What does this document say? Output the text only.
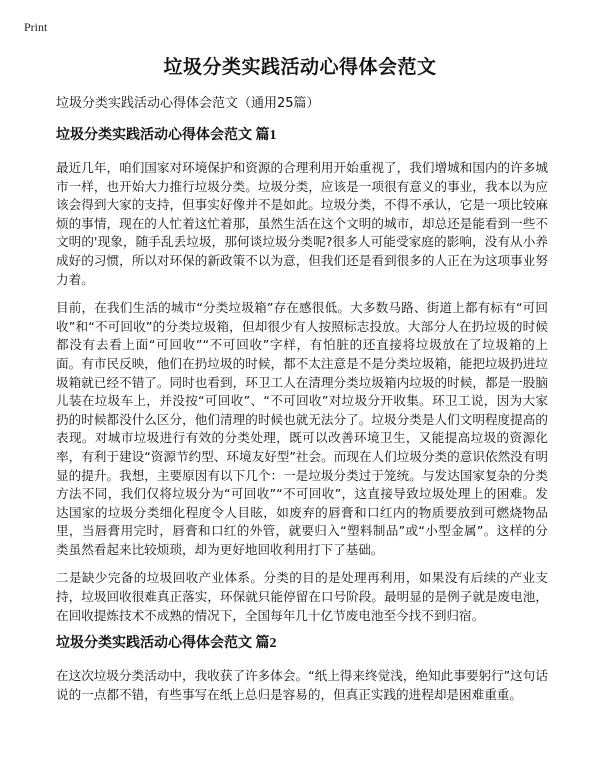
Print
垃圾分类实践活动心得体会范文

垃圾分类实践活动心得体会范文（通用25篇）

垃圾分类实践活动心得体会范文 篇1

最近几年，咱们国家对环境保护和资源的合理利用开始重视了，我们增城和国内的许多城市一样，也开始大力推行垃圾分类。垃圾分类，应该是一项很有意义的事业，我本以为应该会得到大家的支持，但事实好像并不是如此。垃圾分类，不得不承认，它是一项比较麻烦的事情，现在的人忙着这忙着那，虽然生活在这个文明的城市，却总还是能看到一些不文明的'现象，随手乱丢垃圾，那何谈垃圾分类呢?很多人可能受家庭的影响，没有从小养成好的习惯，所以对环保的新政策不以为意，但我们还是看到很多的人正在为这项事业努力着。

目前，在我们生活的城市“分类垃圾箱”存在感很低。大多数马路、街道上都有标有“可回收”和“不可回收”的分类垃圾箱，但却很少有人按照标志投放。大部分人在扔垃圾的时候都没有去看上面“可回收”“不可回收”字样，有怕脏的还直接将垃圾放在了垃圾箱的上面。有市民反映，他们在扔垃圾的时候，都不太注意是不是分类垃圾箱，能把垃圾扔进垃圾箱就已经不错了。同时也看到，环卫工人在清理分类垃圾箱内垃圾的时候，都是一股脑儿装在垃圾车上，并没按“可回收”、“不可回收”对垃圾分开收集。环卫工说，因为大家扔的时候都没什么区分，他们清理的时候也就无法分了。垃圾分类是人们文明程度提高的表现。对城市垃圾进行有效的分类处理，既可以改善环境卫生，又能提高垃圾的资源化率，有利于建设“资源节约型、环境友好型”社会。而现在人们垃圾分类的意识依然没有明显的提升。我想，主要原因有以下几个：一是垃圾分类过于笼统。与发达国家复杂的分类方法不同，我们仅将垃圾分为“可回收”“不可回收”，这直接导致垃圾处理上的困难。发达国家的垃圾分类细化程度令人目眩，如废弃的唇膏和口红内的物质要放到可燃烧物品里，当唇膏用完时，唇膏和口红的外管，就要归入“塑料制品”或“小型金属”。这样的分类虽然看起来比较烦琐，却为更好地回收利用打下了基础。

二是缺少完备的垃圾回收产业体系。分类的目的是处理再利用，如果没有后续的产业支持，垃圾回收很难真正落实，环保就只能停留在口号阶段。最明显的是例子就是废电池，在回收提炼技术不成熟的情况下，全国每年几十亿节废电池至今找不到归宿。

垃圾分类实践活动心得体会范文 篇2

在这次垃圾分类活动中，我收获了许多体会。“纸上得来终觉浅，绝知此事要躬行”这句话说的一点都不错，有些事写在纸上总归是容易的，但真正实践的进程却是困难重重。
